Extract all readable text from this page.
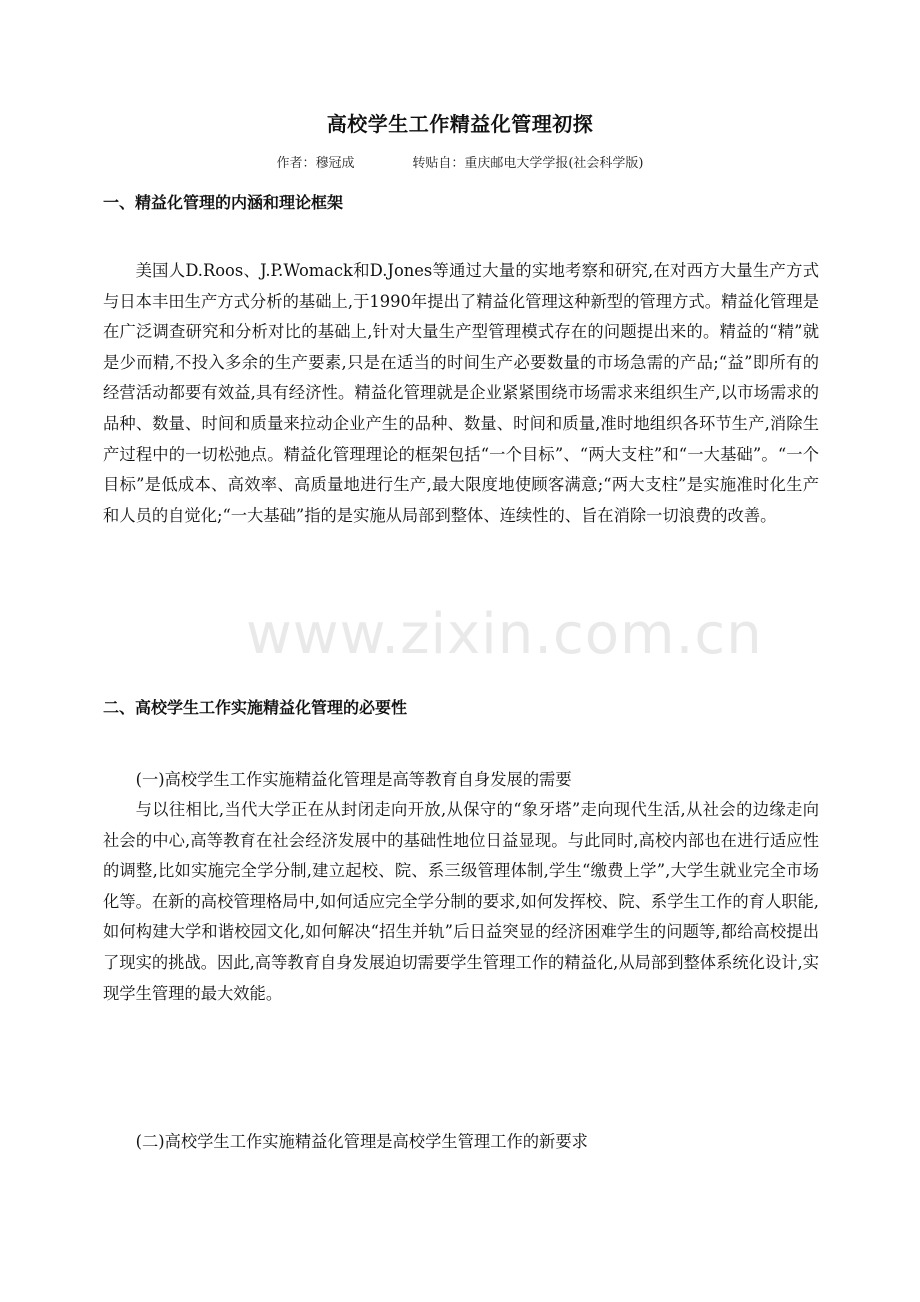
高校学生工作精益化管理初探
作者：穆冠成	转贴自：重庆邮电大学学报(社会科学版)
一、精益化管理的内涵和理论框架

美国人D.Roos、J.P.Womack和D.Jones等通过大量的实地考察和研究,在对西方大量生产方式与日本丰田生产方式分析的基础上,于1990年提出了精益化管理这种新型的管理方式。精益化管理是在广泛调查研究和分析对比的基础上,针对大量生产型管理模式存在的问题提出来的。精益的“精”就是少而精,不投入多余的生产要素,只是在适当的时间生产必要数量的市场急需的产品;“益”即所有的经营活动都要有效益,具有经济性。精益化管理就是企业紧紧围绕市场需求来组织生产,以市场需求的品种、数量、时间和质量来拉动企业产生的品种、数量、时间和质量,准时地组织各环节生产,消除生产过程中的一切松弛点。精益化管理理论的框架包括“一个目标”、“两大支柱”和“一大基础”。“一个目标”是低成本、高效率、高质量地进行生产,最大限度地使顾客满意;“两大支柱”是实施准时化生产和人员的自觉化;“一大基础”指的是实施从局部到整体、连续性的、旨在消除一切浪费的改善。

二、高校学生工作实施精益化管理的必要性

(一)高校学生工作实施精益化管理是高等教育自身发展的需要

与以往相比,当代大学正在从封闭走向开放,从保守的“象牙塔”走向现代生活,从社会的边缘走向社会的中心,高等教育在社会经济发展中的基础性地位日益显现。与此同时,高校内部也在进行适应性的调整,比如实施完全学分制,建立起校、院、系三级管理体制,学生“缴费上学”,大学生就业完全市场化等。在新的高校管理格局中,如何适应完全学分制的要求,如何发挥校、院、系学生工作的育人职能,如何构建大学和谐校园文化,如何解决“招生并轨”后日益突显的经济困难学生的问题等,都给高校提出了现实的挑战。因此,高等教育自身发展迫切需要学生管理工作的精益化,从局部到整体系统化设计,实现学生管理的最大效能。

(二)高校学生工作实施精益化管理是高校学生管理工作的新要求

www.zixin.com.cn
